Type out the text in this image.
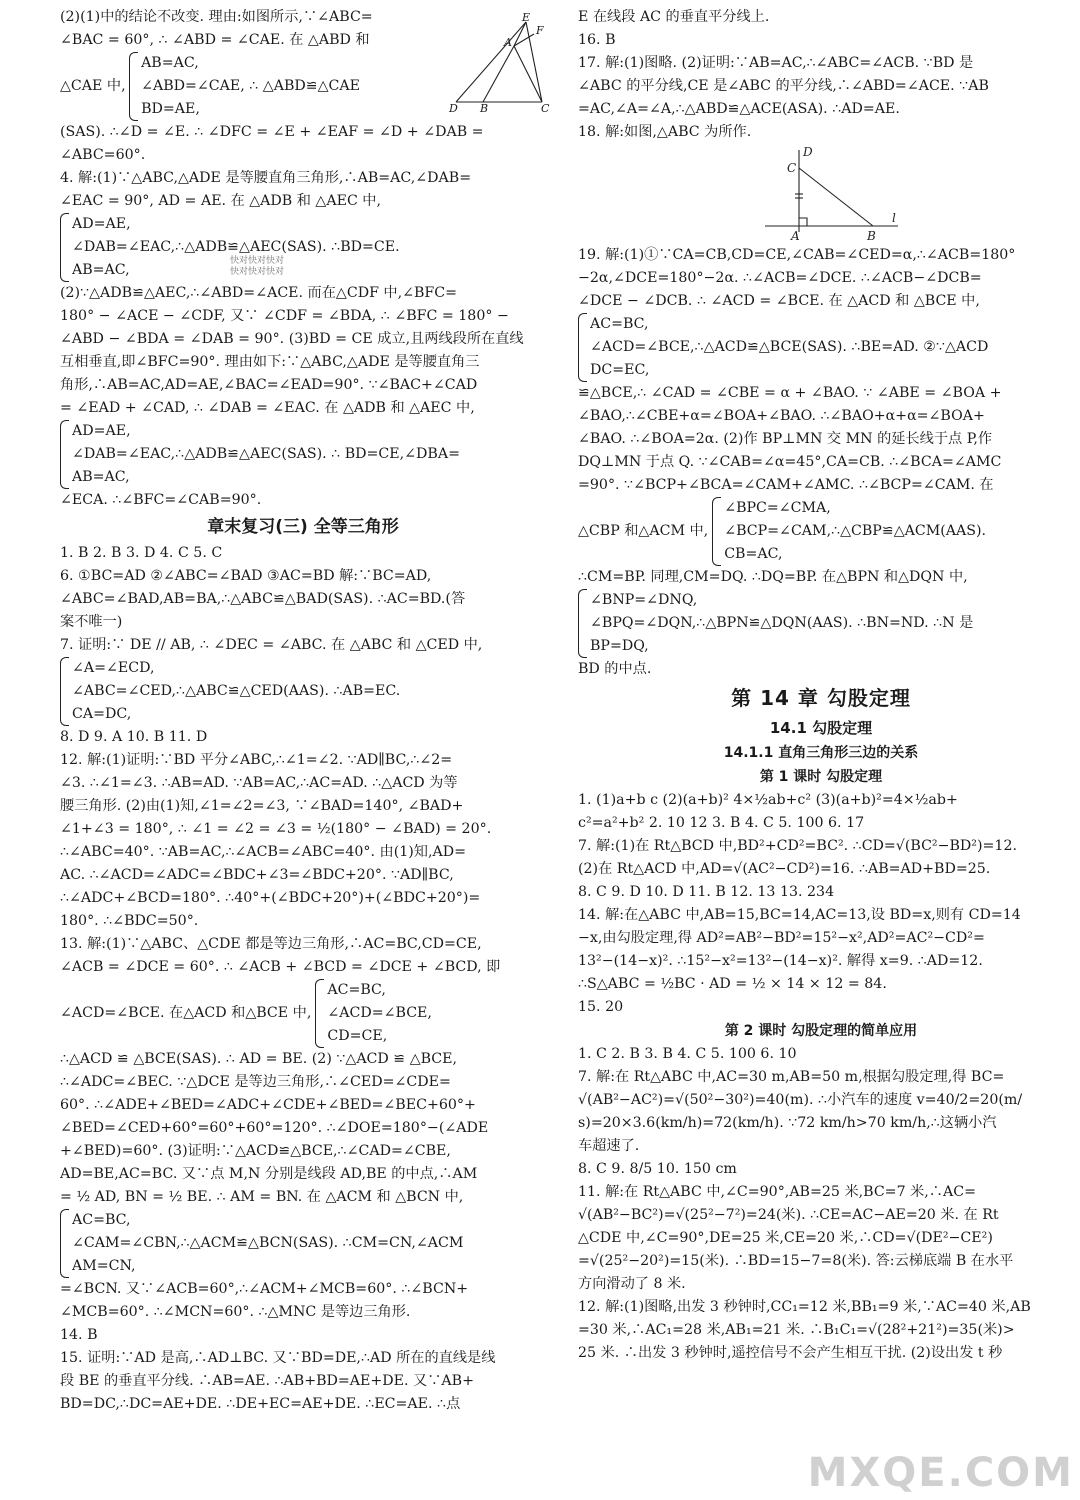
(2)(1)中的结论不改变. 理由:如图所示,∵∠ABC=
∠BAC = 60°, ∴ ∠ABD = ∠CAE. 在 △ABD 和
△CAE 中,
AB=AC,
∠ABD=∠CAE, ∴ △ABD≌△CAE
BD=AE,
E
F
A
D B	C
(SAS). ∴∠D = ∠E. ∴ ∠DFC = ∠E + ∠EAF = ∠D + ∠DAB =
∠ABC=60°.
4. 解:(1)∵△ABC,△ADE 是等腰直角三角形,∴AB=AC,∠DAB=
∠EAC = 90°, AD = AE. 在 △ADB 和 △AEC 中,
AD=AE,
∠DAB=∠EAC,∴△ADB≌△AEC(SAS). ∴BD=CE.
AB=AC,
(2)∵△ADB≌△AEC,∴∠ABD=∠ACE. 而在△CDF 中,∠BFC=
180° − ∠ACE − ∠CDF, 又∵ ∠CDF = ∠BDA, ∴ ∠BFC = 180° −
∠ABD − ∠BDA = ∠DAB = 90°. (3)BD = CE 成立,且两线段所在直线
互相垂直,即∠BFC=90°. 理由如下:∵△ABC,△ADE 是等腰直角三
角形,∴AB=AC,AD=AE,∠BAC=∠EAD=90°. ∵∠BAC+∠CAD
= ∠EAD + ∠CAD, ∴ ∠DAB = ∠EAC. 在 △ADB 和 △AEC 中,
AD=AE,
∠DAB=∠EAC,∴△ADB≌△AEC(SAS). ∴ BD=CE,∠DBA=
AB=AC,
∠ECA. ∴∠BFC=∠CAB=90°.
章末复习(三) 全等三角形
1. B 2. B 3. D 4. C 5. C
6. ①BC=AD ②∠ABC=∠BAD ③AC=BD 解:∵BC=AD,
∠ABC=∠BAD,AB=BA,∴△ABC≌△BAD(SAS). ∴AC=BD.(答
案不唯一)
7. 证明:∵ DE // AB, ∴ ∠DEC = ∠ABC. 在 △ABC 和 △CED 中,
∠A=∠ECD,
∠ABC=∠CED,∴△ABC≌△CED(AAS). ∴AB=EC.
CA=DC,
8. D 9. A 10. B 11. D
12. 解:(1)证明:∵BD 平分∠ABC,∴∠1=∠2. ∵AD∥BC,∴∠2=
∠3. ∴∠1=∠3. ∴AB=AD. ∵AB=AC,∴AC=AD. ∴△ACD 为等
腰三角形. (2)由(1)知,∠1=∠2=∠3, ∵∠BAD=140°, ∠BAD+
∠1+∠3 = 180°, ∴ ∠1 = ∠2 = ∠3 = ½(180° − ∠BAD) = 20°.
∴∠ABC=40°. ∵AB=AC,∴∠ACB=∠ABC=40°. 由(1)知,AD=
AC. ∴∠ACD=∠ADC=∠BDC+∠3=∠BDC+20°. ∵AD∥BC,
∴∠ADC+∠BCD=180°. ∴40°+(∠BDC+20°)+(∠BDC+20°)=
180°. ∴∠BDC=50°.
13. 解:(1)∵△ABC、△CDE 都是等边三角形,∴AC=BC,CD=CE,
∠ACB = ∠DCE = 60°. ∴ ∠ACB + ∠BCD = ∠DCE + ∠BCD, 即
∠ACD=∠BCE. 在△ACD 和△BCE 中,
AC=BC,
∠ACD=∠BCE,
CD=CE,
∴△ACD ≌ △BCE(SAS). ∴ AD = BE. (2) ∵△ACD ≌ △BCE,
∴∠ADC=∠BEC. ∵△DCE 是等边三角形,∴∠CED=∠CDE=
60°. ∴∠ADE+∠BED=∠ADC+∠CDE+∠BED=∠BEC+60°+
∠BED=∠CED+60°=60°+60°=120°. ∴∠DOE=180°−(∠ADE
+∠BED)=60°. (3)证明:∵△ACD≌△BCE,∴∠CAD=∠CBE,
AD=BE,AC=BC. 又∵点 M,N 分别是线段 AD,BE 的中点,∴AM
= ½ AD, BN = ½ BE. ∴ AM = BN. 在 △ACM 和 △BCN 中,
AC=BC,
∠CAM=∠CBN,∴△ACM≌△BCN(SAS). ∴CM=CN,∠ACM
AM=CN,
=∠BCN. 又∵∠ACB=60°,∴∠ACM+∠MCB=60°. ∴∠BCN+
∠MCB=60°. ∴∠MCN=60°. ∴△MNC 是等边三角形.
14. B
15. 证明:∵AD 是高,∴AD⊥BC. 又∵BD=DE,∴AD 所在的直线是线
段 BE 的垂直平分线. ∴AB=AE. ∴AB+BD=AE+DE. 又∵AB+
BD=DC,∴DC=AE+DE. ∴DE+EC=AE+DE. ∴EC=AE. ∴点
快对快对快对
快对快对快对
E 在线段 AC 的垂直平分线上.
16. B
17. 解:(1)图略. (2)证明:∵AB=AC,∴∠ABC=∠ACB. ∵BD 是
∠ABC 的平分线,CE 是∠ABC 的平分线,∴∠ABD=∠ACE. ∵AB
=AC,∠A=∠A,∴△ABD≌△ACE(ASA). ∴AD=AE.
18. 解:如图,△ABC 为所作.
D
C
A	B
l
19. 解:(1)①∵CA=CB,CD=CE,∠CAB=∠CED=α,∴∠ACB=180°
−2α,∠DCE=180°−2α. ∴∠ACB=∠DCE. ∴∠ACB−∠DCB=
∠DCE − ∠DCB. ∴ ∠ACD = ∠BCE. 在 △ACD 和 △BCE 中,
AC=BC,
∠ACD=∠BCE,∴△ACD≌△BCE(SAS). ∴BE=AD. ②∵△ACD
DC=EC,
≌△BCE,∴ ∠CAD = ∠CBE = α + ∠BAO. ∵ ∠ABE = ∠BOA +
∠BAO,∴∠CBE+α=∠BOA+∠BAO. ∴∠BAO+α+α=∠BOA+
∠BAO. ∴∠BOA=2α. (2)作 BP⊥MN 交 MN 的延长线于点 P,作
DQ⊥MN 于点 Q. ∵∠CAB=∠α=45°,CA=CB. ∴∠BCA=∠AMC
=90°. ∵∠BCP+∠BCA=∠CAM+∠AMC. ∴∠BCP=∠CAM. 在
△CBP 和△ACM 中,
∠BPC=∠CMA,
∠BCP=∠CAM,∴△CBP≌△ACM(AAS).
CB=AC,
∴CM=BP. 同理,CM=DQ. ∴DQ=BP. 在△BPN 和△DQN 中,
∠BNP=∠DNQ,
∠BPQ=∠DQN,∴△BPN≌△DQN(AAS). ∴BN=ND. ∴N 是
BP=DQ,
BD 的中点.
第 14 章 勾股定理
14.1 勾股定理
14.1.1 直角三角形三边的关系
第 1 课时 勾股定理
1. (1)a+b c (2)(a+b)² 4×½ab+c² (3)(a+b)²=4×½ab+
c²=a²+b² 2. 10 12 3. B 4. C 5. 100 6. 17
7. 解:(1)在 Rt△BCD 中,BD²+CD²=BC². ∴CD=√(BC²−BD²)=12.
(2)在 Rt△ACD 中,AD=√(AC²−CD²)=16. ∴AB=AD+BD=25.
8. C 9. D 10. D 11. B 12. 13 13. 234
14. 解:在△ABC 中,AB=15,BC=14,AC=13,设 BD=x,则有 CD=14
−x,由勾股定理,得 AD²=AB²−BD²=15²−x²,AD²=AC²−CD²=
13²−(14−x)². ∴15²−x²=13²−(14−x)². 解得 x=9. ∴AD=12.
∴S△ABC = ½BC · AD = ½ × 14 × 12 = 84.
15. 20
第 2 课时 勾股定理的简单应用
1. C 2. B 3. B 4. C 5. 100 6. 10
7. 解:在 Rt△ABC 中,AC=30 m,AB=50 m,根据勾股定理,得 BC=
√(AB²−AC²)=√(50²−30²)=40(m). ∴小汽车的速度 v=40/2=20(m/
s)=20×3.6(km/h)=72(km/h). ∵72 km/h>70 km/h,∴这辆小汽
车超速了.
8. C 9. 8/5 10. 150 cm
11. 解:在 Rt△ABC 中,∠C=90°,AB=25 米,BC=7 米,∴AC=
√(AB²−BC²)=√(25²−7²)=24(米). ∴CE=AC−AE=20 米. 在 Rt
△CDE 中,∠C=90°,DE=25 米,CE=20 米,∴CD=√(DE²−CE²)
=√(25²−20²)=15(米). ∴BD=15−7=8(米). 答:云梯底端 B 在水平
方向滑动了 8 米.
12. 解:(1)图略,出发 3 秒钟时,CC₁=12 米,BB₁=9 米,∵AC=40 米,AB
=30 米,∴AC₁=28 米,AB₁=21 米. ∴B₁C₁=√(28²+21²)=35(米)>
25 米. ∴出发 3 秒钟时,遥控信号不会产生相互干扰. (2)设出发 t 秒
MXQE.COM
